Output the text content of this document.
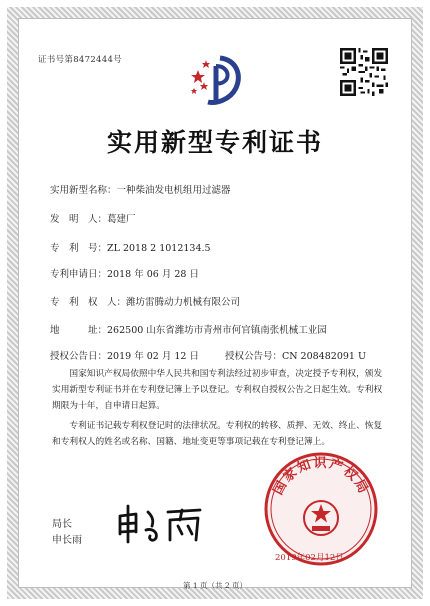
证书号第8472444号
实用新型专利证书
实用新型名称：一种柴油发电机组用过滤器
发　明　人：葛建厂
专　利　号：ZL 2018 2 1012134.5
专利申请日：2018 年 06 月 28 日
专　利　权　人：潍坊雷腾动力机械有限公司
地　　　址：262500 山东省潍坊市青州市何官镇南张机械工业园
授权公告日：2019 年 02 月 12 日	授权公告号：CN 208482091 U
国家知识产权局依照中华人民共和国专利法经过初步审查，决定授予专利权，颁发实用新型专利证书并在专利登记簿上予以登记。专利权自授权公告之日起生效。专利权期限为十年，自申请日起算。
专利证书记载专利权登记时的法律状况。专利权的转移、质押、无效、终止、恢复和专利权人的姓名或名称、国籍、地址变更等事项记载在专利登记簿上。
国家知识产权局
2019年02月12日
局长
申长雨
第 1 页（共 2 页）
